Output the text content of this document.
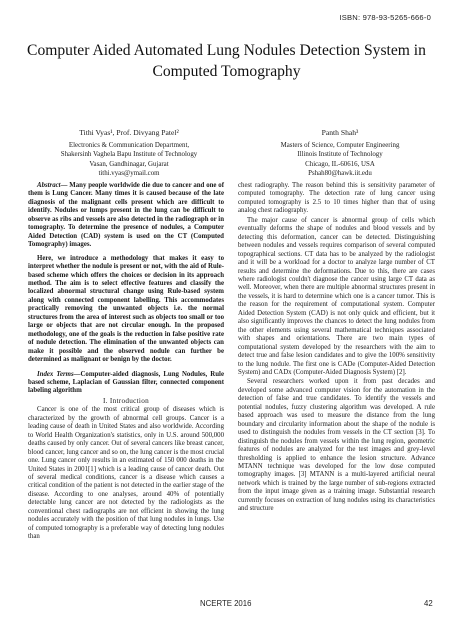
ISBN: 978-93-5265-666-0
Computer Aided Automated Lung Nodules Detection System in Computed Tomography
Tithi Vyas¹, Prof. Divyang Patel²
Electronics & Communication Department,
Shakersinh Vaghela Bapu Institute of Technology
Vasan, Gandhinagar, Gujarat
tithi.vyas@ymail.com
Panth Shah³
Masters of Science, Computer Engineering
Illinois Institute of Technology
Chicago, IL-60616, USA
Pshah80@hawk.iit.edu

Abstract— Many people worldwide die due to cancer and one of them is Lung Cancer. Many times it is caused because of the late diagnosis of the malignant cells present which are difficult to identify. Nodules or lumps present in the lung can be difficult to observe as ribs and vessels are also detected in the radiograph or in tomography. To determine the presence of nodules, a Computer Aided Detection (CAD) system is used on the CT (Computed Tomography) images.

Here, we introduce a methodology that makes it easy to interpret whether the nodule is present or not, with the aid of Rule-based scheme which offers the choices or decision in its approach method. The aim is to select effective features and classify the localized abnormal structural change using Rule-based system along with connected component labelling. This accommodates practically removing the unwanted objects i.e. the normal structures from the area of interest such as objects too small or too large or objects that are not circular enough. In the proposed methodology, one of the goals is the reduction in false positive rate of nodule detection. The elimination of the unwanted objects can make it possible and the observed nodule can further be determined as malignant or benign by the doctor.

Index Terms—Computer-aided diagnosis, Lung Nodules, Rule based scheme, Laplacian of Gaussian filter, connected component labeling algorithm

I. Introduction

Cancer is one of the most critical group of diseases which is characterized by the growth of abnormal cell groups. Cancer is a leading cause of death in United States and also worldwide. According to World Health Organization's statistics, only in U.S. around 500,000 deaths caused by only cancer. Out of several cancers like breast cancer, blood cancer, lung cancer and so on, the lung cancer is the most crucial one. Lung cancer only results in an estimated of 150 000 deaths in the United States in 2001[1] which is a leading cause of cancer death. Out of several medical conditions, cancer is a disease which causes a critical condition of the patient is not detected in the earlier stage of the disease. According to one analyses, around 40% of potentially detectable lung cancer are not detected by the radiologists as the conventional chest radiographs are not efficient in showing the lung nodules accurately with the position of that lung nodules in lungs. Use of computed tomography is a preferable way of detecting lung nodules than

chest radiography. The reason behind this is sensitivity parameter of computed tomography. The detection rate of lung cancer using computed tomography is 2.5 to 10 times higher than that of using analog chest radiography.

The major cause of cancer is abnormal group of cells which eventually deforms the shape of nodules and blood vessels and by detecting this deformation, cancer can be detected. Distinguishing between nodules and vessels requires comparison of several computed topographical sections. CT data has to be analyzed by the radiologist and it will be a workload for a doctor to analyze large number of CT results and determine the deformations. Due to this, there are cases where radiologist couldn't diagnose the cancer using large CT data as well. Moreover, when there are multiple abnormal structures present in the vessels, it is hard to determine which one is a cancer tumor. This is the reason for the requirement of computational system. Computer Aided Detection System (CAD) is not only quick and efficient, but it also significantly improves the chances to detect the lung nodules from the other elements using several mathematical techniques associated with shapes and orientations. There are two main types of computational system developed by the researchers with the aim to detect true and false lesion candidates and to give the 100% sensitivity to the lung nodule. The first one is CADe (Computer-Aided Detection System) and CADx (Computer-Aided Diagnosis System) [2].

Several researchers worked upon it from past decades and developed some advanced computer vision for the automation in the detection of false and true candidates. To identify the vessels and potential nodules, fuzzy clustering algorithm was developed. A rule based approach was used to measure the distance from the lung boundary and circularity information about the shape of the nodule is used to distinguish the nodules from vessels in the CT section [3]. To distinguish the nodules from vessels within the lung region, geometric features of nodules are analyzed for the test images and grey-level thresholding is applied to enhance the lesion structure. Advance MTANN technique was developed for the low dose computed tomography images. [3] MTANN is a multi-layered artificial neural network which is trained by the large number of sub-regions extracted from the input image given as a training image. Substantial research currently focuses on extraction of lung nodules using its characteristics and structure

NCERTE 2016	42
